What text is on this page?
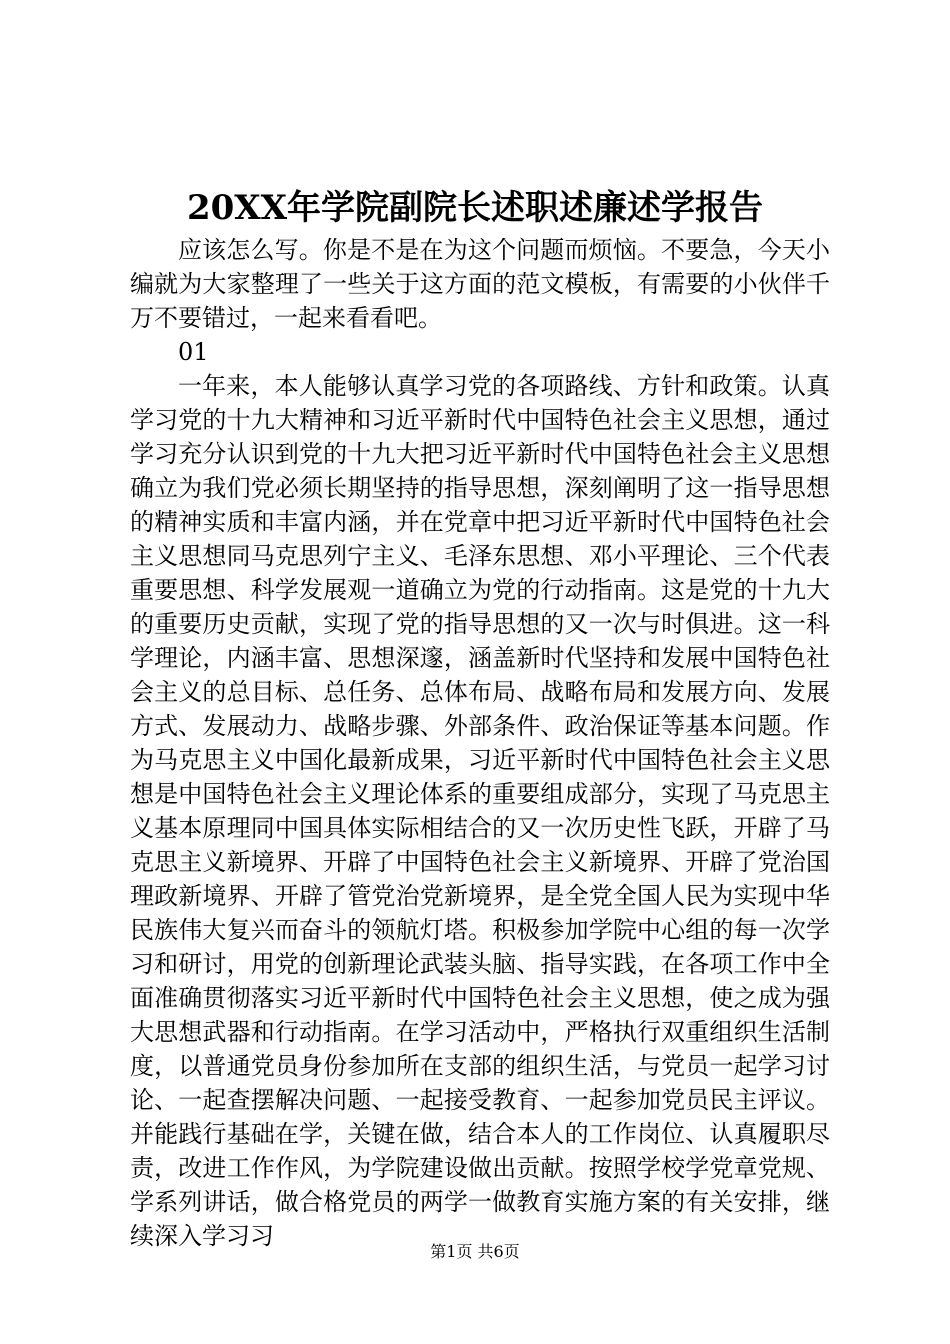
20XX年学院副院长述职述廉述学报告

应该怎么写。你是不是在为这个问题而烦恼。不要急，今天小编就为大家整理了一些关于这方面的范文模板，有需要的小伙伴千万不要错过，一起来看看吧。

01

一年来，本人能够认真学习党的各项路线、方针和政策。认真学习党的十九大精神和习近平新时代中国特色社会主义思想，通过学习充分认识到党的十九大把习近平新时代中国特色社会主义思想确立为我们党必须长期坚持的指导思想，深刻阐明了这一指导思想的精神实质和丰富内涵，并在党章中把习近平新时代中国特色社会主义思想同马克思列宁主义、毛泽东思想、邓小平理论、三个代表重要思想、科学发展观一道确立为党的行动指南。这是党的十九大的重要历史贡献，实现了党的指导思想的又一次与时俱进。这一科学理论，内涵丰富、思想深邃，涵盖新时代坚持和发展中国特色社会主义的总目标、总任务、总体布局、战略布局和发展方向、发展方式、发展动力、战略步骤、外部条件、政治保证等基本问题。作为马克思主义中国化最新成果，习近平新时代中国特色社会主义思想是中国特色社会主义理论体系的重要组成部分，实现了马克思主义基本原理同中国具体实际相结合的又一次历史性飞跃，开辟了马克思主义新境界、开辟了中国特色社会主义新境界、开辟了党治国理政新境界、开辟了管党治党新境界，是全党全国人民为实现中华民族伟大复兴而奋斗的领航灯塔。积极参加学院中心组的每一次学习和研讨，用党的创新理论武装头脑、指导实践，在各项工作中全面准确贯彻落实习近平新时代中国特色社会主义思想，使之成为强大思想武器和行动指南。在学习活动中，严格执行双重组织生活制度，以普通党员身份参加所在支部的组织生活，与党员一起学习讨论、一起查摆解决问题、一起接受教育、一起参加党员民主评议。并能践行基础在学，关键在做，结合本人的工作岗位、认真履职尽责，改进工作作风，为学院建设做出贡献。按照学校学党章党规、学系列讲话，做合格党员的两学一做教育实施方案的有关安排，继续深入学习习

第1页 共6页
